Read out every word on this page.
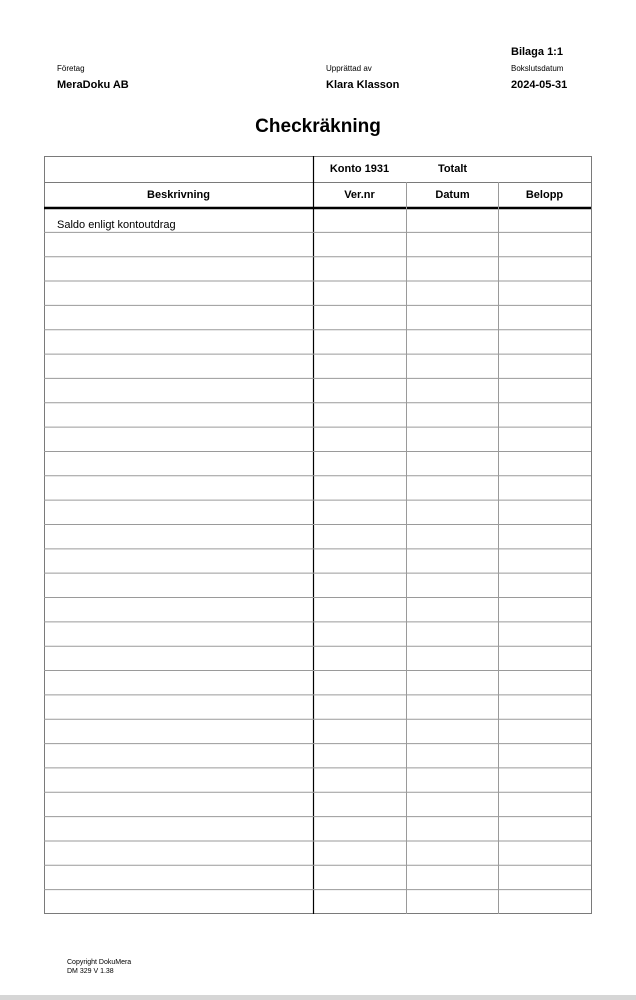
Bilaga 1:1
Företag	Upprättad av	Bokslutsdatum
MeraDoku AB	Klara Klasson	2024-05-31
Checkräkning
Konto 1931	Totalt
Beskrivning	Ver.nr	Datum	Belopp
Saldo enligt kontoutdrag
Copyright DokuMera
DM 329 V 1.38
